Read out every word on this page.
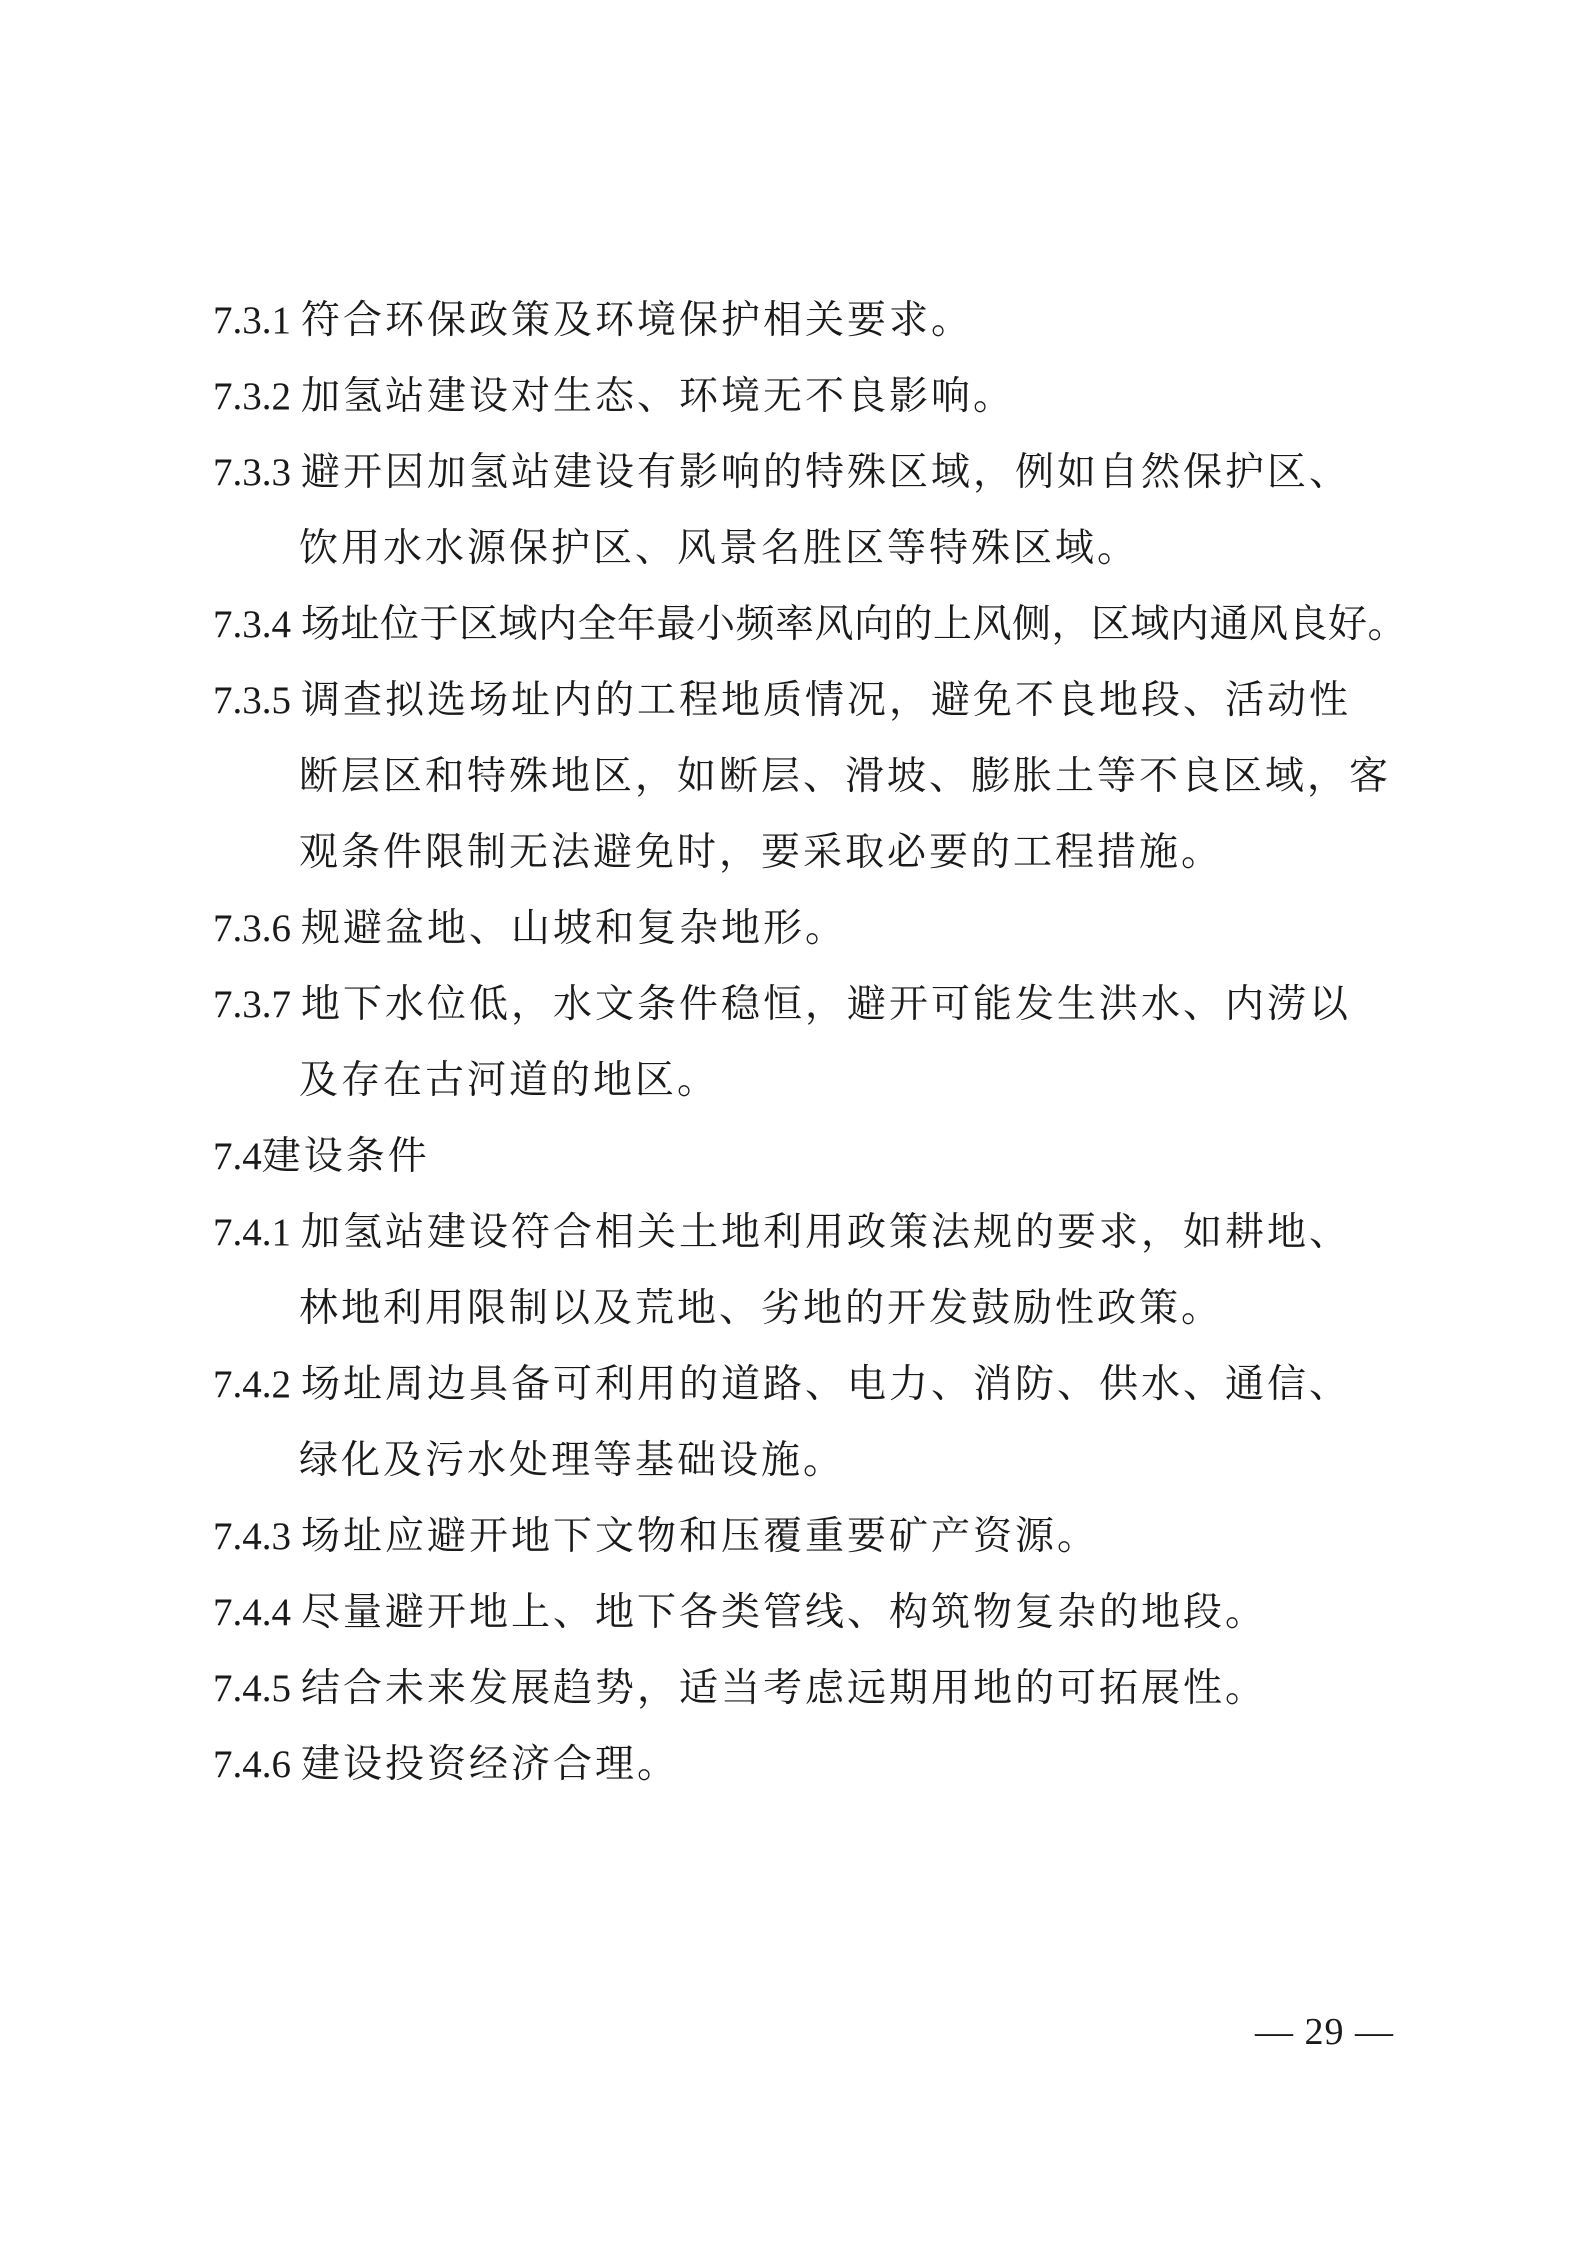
7.3.1 符合环保政策及环境保护相关要求。
7.3.2 加氢站建设对生态、环境无不良影响。
7.3.3 避开因加氢站建设有影响的特殊区域，例如自然保护区、
饮用水水源保护区、风景名胜区等特殊区域。
7.3.4 场址位于区域内全年最小频率风向的上风侧，区域内通风良好。
7.3.5 调查拟选场址内的工程地质情况，避免不良地段、活动性
断层区和特殊地区，如断层、滑坡、膨胀土等不良区域，客
观条件限制无法避免时，要采取必要的工程措施。
7.3.6 规避盆地、山坡和复杂地形。
7.3.7 地下水位低，水文条件稳恒，避开可能发生洪水、内涝以
及存在古河道的地区。
7.4建设条件
7.4.1 加氢站建设符合相关土地利用政策法规的要求，如耕地、
林地利用限制以及荒地、劣地的开发鼓励性政策。
7.4.2 场址周边具备可利用的道路、电力、消防、供水、通信、
绿化及污水处理等基础设施。
7.4.3 场址应避开地下文物和压覆重要矿产资源。
7.4.4 尽量避开地上、地下各类管线、构筑物复杂的地段。
7.4.5 结合未来发展趋势，适当考虑远期用地的可拓展性。
7.4.6 建设投资经济合理。
— 29 —
